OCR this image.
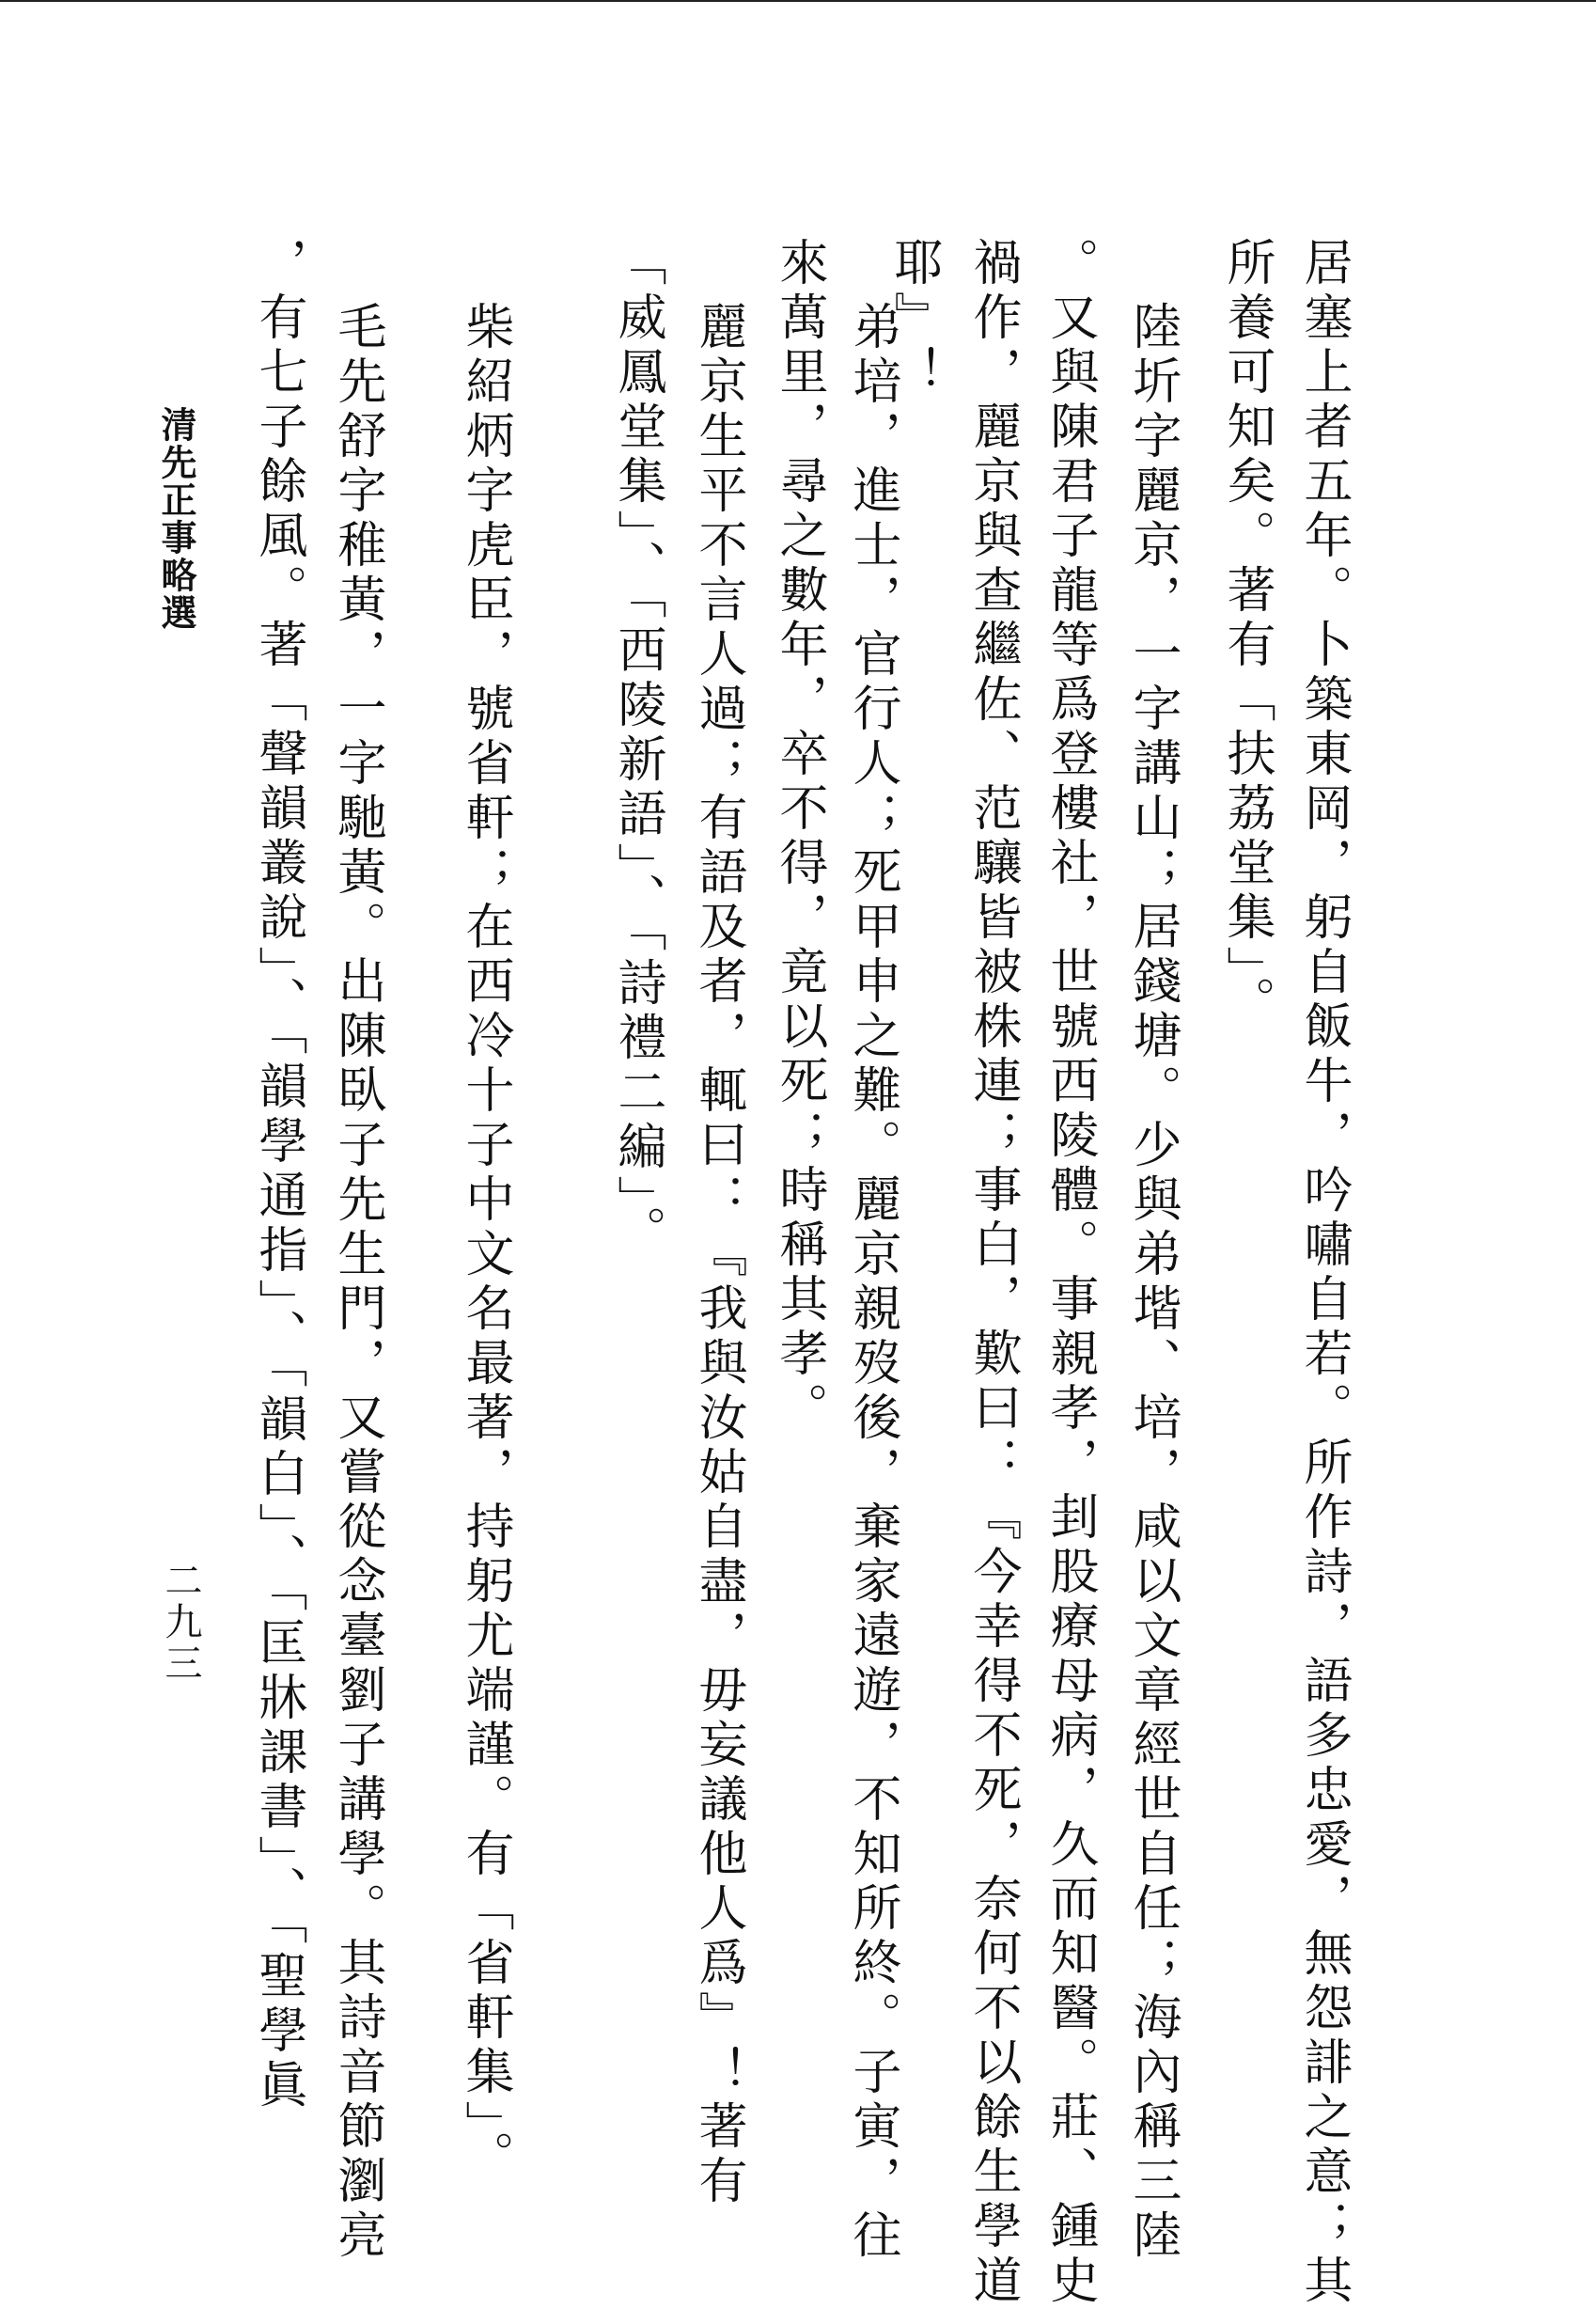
居塞上者五年。卜築東岡，躬自飯牛，吟嘯自若。所作詩，語多忠愛，無怨誹之意；其
所養可知矣。著有「扶荔堂集」。
陸圻字麗京，一字講山；居錢塘。少與弟堦、培，咸以文章經世自任；海內稱三陸
。又與陳君子龍等爲登樓社，世號西陵體。事親孝，刲股療母病，久而知醫。莊、鍾史
禍作，麗京與查繼佐、范驤皆被株連；事白，歎曰：『今幸得不死，奈何不以餘生學道
耶』！
弟培，進士，官行人；死甲申之難。麗京親歿後，棄家遠遊，不知所終。子寅，往
來萬里，尋之數年，卒不得，竟以死；時稱其孝。
麗京生平不言人過；有語及者，輒曰：『我與汝姑自盡，毋妄議他人爲』！著有
「威鳳堂集」、「西陵新語」、「詩禮二編」。
柴紹炳字虎臣，號省軒；在西冷十子中文名最著，持躬尤端謹。有「省軒集」。
毛先舒字稚黃，一字馳黃。出陳臥子先生門，又嘗從念臺劉子講學。其詩音節瀏亮
，有七子餘風。著「聲韻叢說」、「韻學通指」、「韻白」、「匡牀課書」、「聖學眞
清先正事略選
二九三
